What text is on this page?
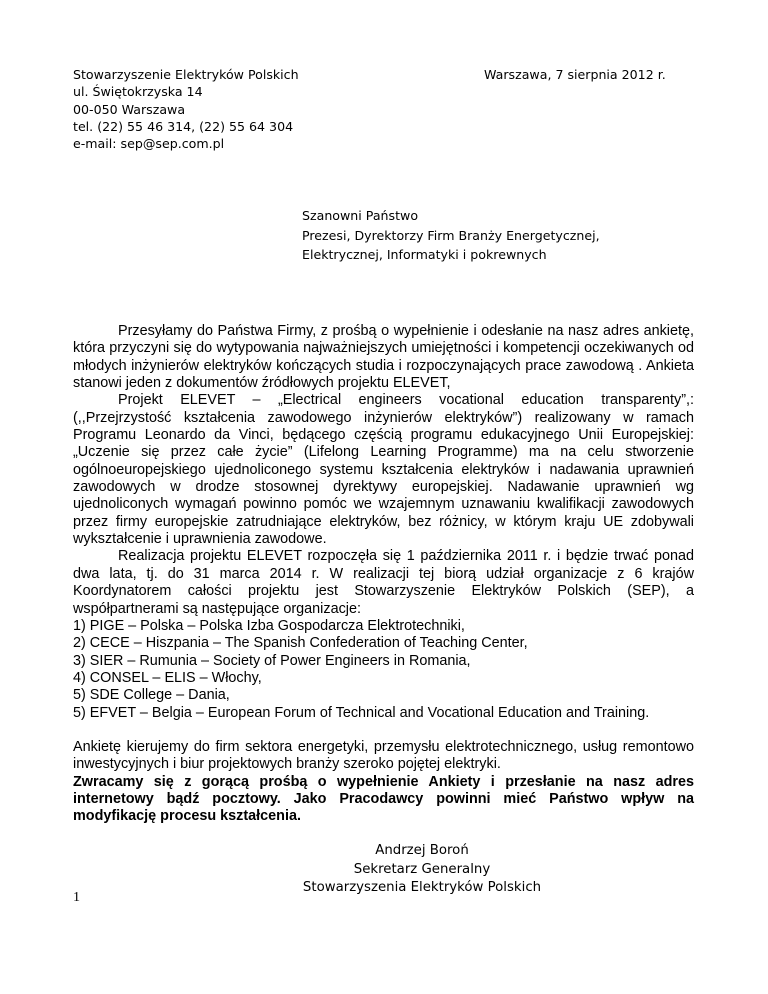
Stowarzyszenie Elektryków Polskich
ul. Świętokrzyska 14
00-050 Warszawa
tel. (22) 55 46 314, (22) 55 64 304
e-mail: sep@sep.com.pl
Warszawa, 7 sierpnia 2012 r.
Szanowni Państwo
Prezesi, Dyrektorzy Firm Branży Energetycznej,
Elektrycznej, Informatyki i pokrewnych

Przesyłamy do Państwa Firmy, z prośbą o wypełnienie i odesłanie na nasz adres ankietę, która przyczyni się do wytypowania najważniejszych umiejętności i kompetencji oczekiwanych od młodych inżynierów elektryków kończących studia i rozpoczynających prace zawodową . Ankieta stanowi jeden z dokumentów źródłowych projektu ELEVET,

Projekt ELEVET – „Electrical engineers vocational education transparenty”,: (,,Przejrzystość kształcenia zawodowego inżynierów elektryków”) realizowany w ramach Programu Leonardo da Vinci, będącego częścią programu edukacyjnego Unii Europejskiej: „Uczenie się przez całe życie” (Lifelong Learning Programme) ma na celu stworzenie ogólnoeuropejskiego ujednoliconego systemu kształcenia elektryków i nadawania uprawnień zawodowych w drodze stosownej dyrektywy europejskiej. Nadawanie uprawnień wg ujednoliconych wymagań powinno pomóc we wzajemnym uznawaniu kwalifikacji zawodowych przez firmy europejskie zatrudniające elektryków, bez różnicy, w którym kraju UE zdobywali wykształcenie i uprawnienia zawodowe.

Realizacja projektu ELEVET rozpoczęła się 1 października 2011 r. i będzie trwać ponad dwa lata, tj. do 31 marca 2014 r. W realizacji tej biorą udział organizacje z 6 krajów Koordynatorem całości projektu jest Stowarzyszenie Elektryków Polskich (SEP), a współpartnerami są następujące organizacje:

1) PIGE – Polska – Polska Izba Gospodarcza Elektrotechniki,
2) CECE – Hiszpania – The Spanish Confederation of Teaching Center,
3) SIER – Rumunia – Society of Power Engineers in Romania,
4) CONSEL – ELIS – Włochy,
5) SDE College – Dania,
5) EFVET – Belgia – European Forum of Technical and Vocational Education and Training.

Ankietę kierujemy do firm sektora energetyki, przemysłu elektrotechnicznego, usług remontowo inwestycyjnych i biur projektowych branży szeroko pojętej elektryki.

Zwracamy się z gorącą prośbą o wypełnienie Ankiety i przesłanie na nasz adres internetowy bądź pocztowy. Jako Pracodawcy powinni mieć Państwo wpływ na modyfikację procesu kształcenia.

Andrzej Boroń
Sekretarz Generalny
Stowarzyszenia Elektryków Polskich
1
